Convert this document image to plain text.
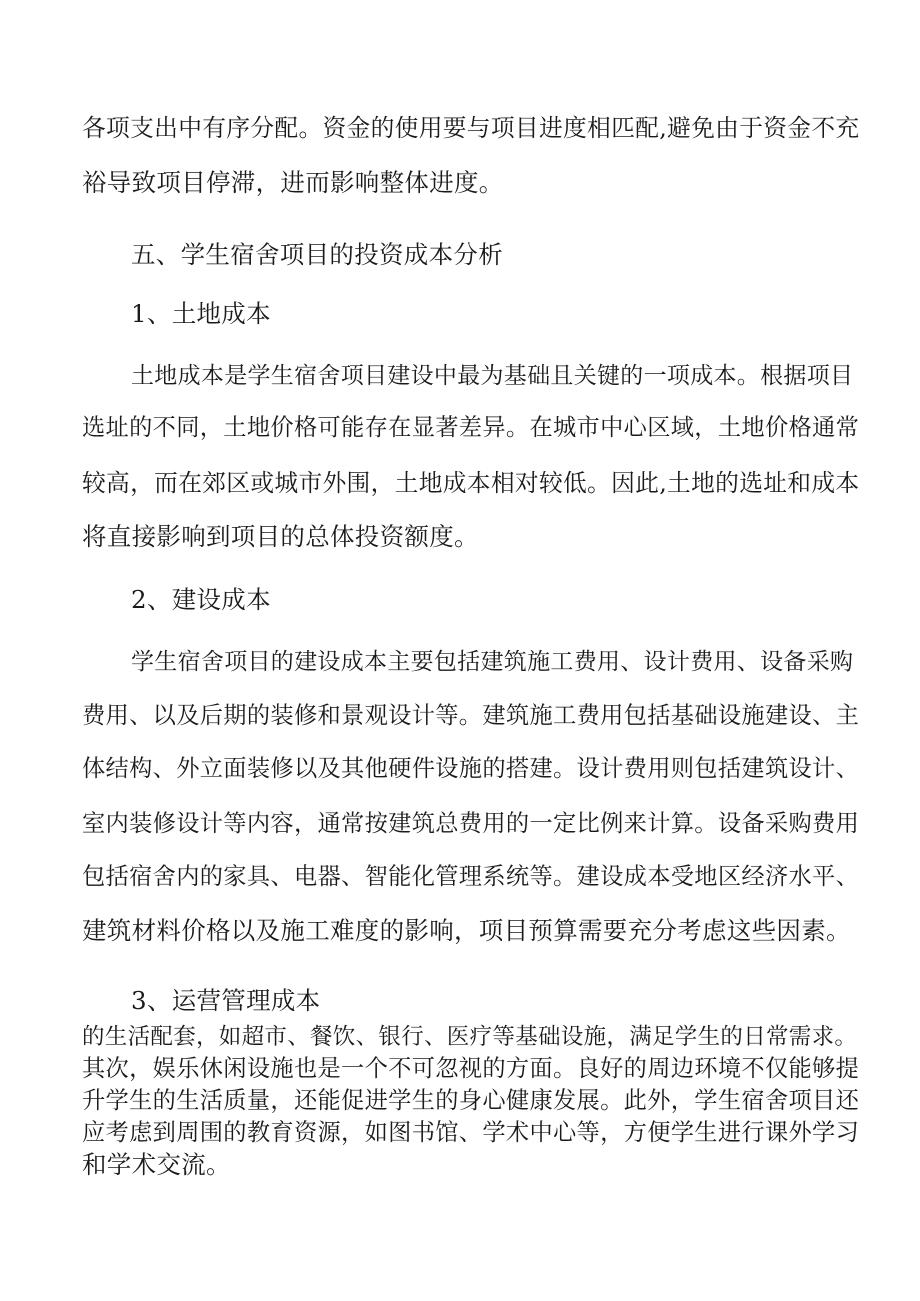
各项支出中有序分配。资金的使用要与项目进度相匹配,避免由于资金不充
裕导致项目停滞，进而影响整体进度。
五、学生宿舍项目的投资成本分析
1、土地成本
土地成本是学生宿舍项目建设中最为基础且关键的一项成本。根据项目
选址的不同，土地价格可能存在显著差异。在城市中心区域，土地价格通常
较高，而在郊区或城市外围，土地成本相对较低。因此,土地的选址和成本
将直接影响到项目的总体投资额度。
2、建设成本
学生宿舍项目的建设成本主要包括建筑施工费用、设计费用、设备采购
费用、以及后期的装修和景观设计等。建筑施工费用包括基础设施建设、主
体结构、外立面装修以及其他硬件设施的搭建。设计费用则包括建筑设计、
室内装修设计等内容，通常按建筑总费用的一定比例来计算。设备采购费用
包括宿舍内的家具、电器、智能化管理系统等。建设成本受地区经济水平、
建筑材料价格以及施工难度的影响，项目预算需要充分考虑这些因素。
3、运营管理成本
的生活配套，如超市、餐饮、银行、医疗等基础设施，满足学生的日常需求。
其次，娱乐休闲设施也是一个不可忽视的方面。良好的周边环境不仅能够提
升学生的生活质量，还能促进学生的身心健康发展。此外，学生宿舍项目还
应考虑到周围的教育资源，如图书馆、学术中心等，方便学生进行课外学习
和学术交流。
